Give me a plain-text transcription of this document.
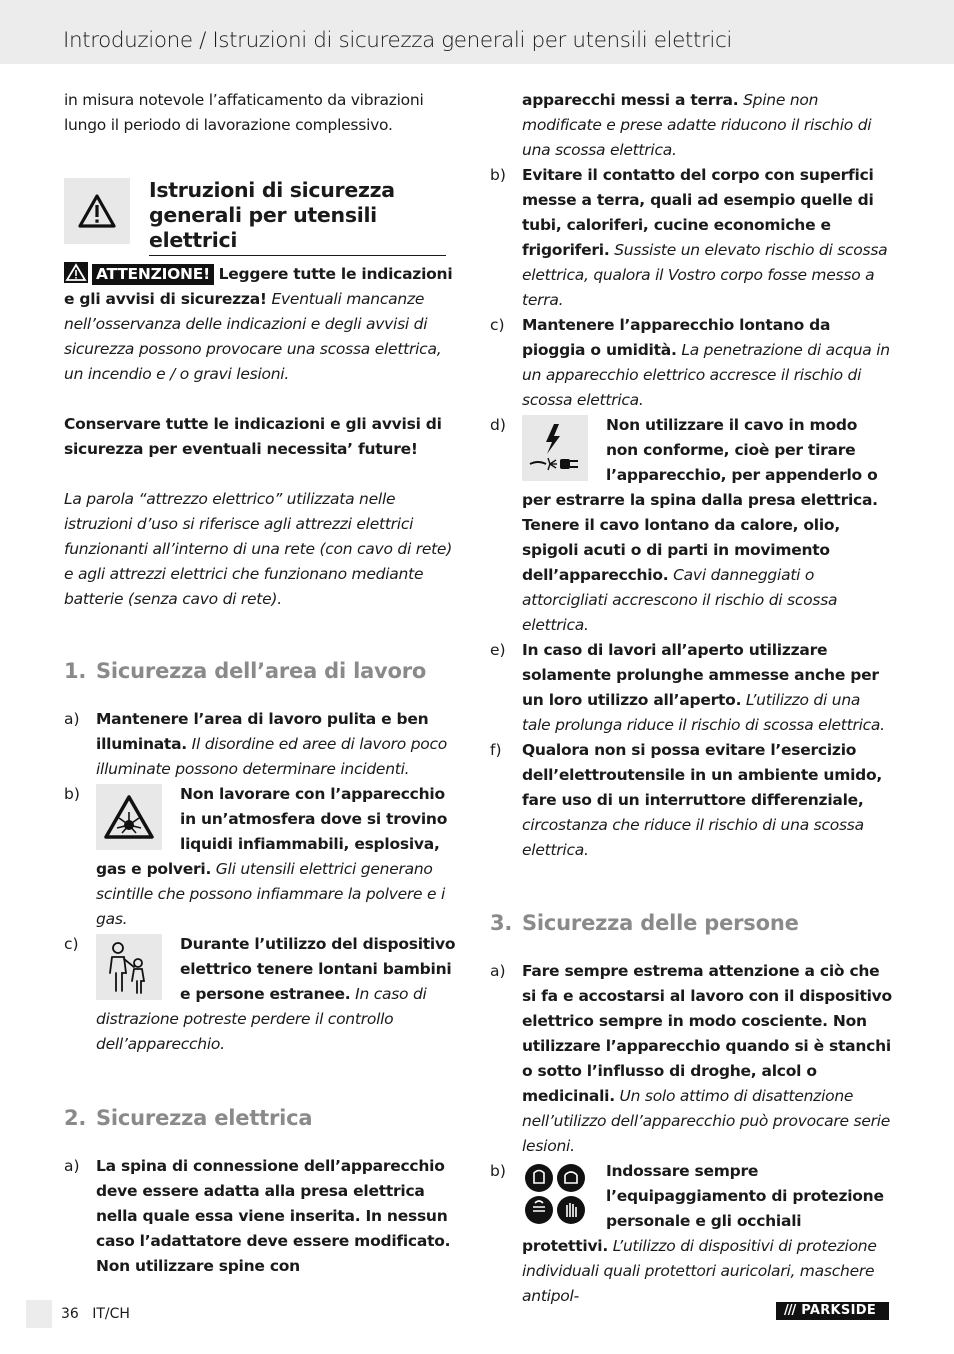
Introduzione / Istruzioni di sicurezza generali per utensili elettrici

in misura notevole l’affaticamento da vibrazioni lungo il periodo di lavorazione complessivo.

Istruzioni di sicurezza generali per utensili elettrici

ATTENZIONE! Leggere tutte le indicazioni e gli avvisi di sicurezza! Eventuali mancanze nell’osservanza delle indicazioni e degli avvisi di sicurezza possono provocare una scossa elettrica, un incendio e / o gravi lesioni.

Conservare tutte le indicazioni e gli avvisi di sicurezza per eventuali necessita’ future!

La parola “attrezzo elettrico” utilizzata nelle istruzioni d’uso si riferisce agli attrezzi elettrici funzionanti all’interno di una rete (con cavo di rete) e agli attrezzi elettrici che funzionano mediante batterie (senza cavo di rete).

1. Sicurezza dell’area di lavoro
a) Mantenere l’area di lavoro pulita e ben illuminata. Il disordine ed aree di lavoro poco illuminate possono determinare incidenti.

b)	Non lavorare con l’apparecchio in un’atmosfera dove si trovino liquidi infiammabili, esplosiva, gas e polveri. Gli utensili elettrici generano scintille che possono infiammare la polvere e i gas.

c)	Durante l’utilizzo del dispositivo elettrico tenere lontani bambini e persone estranee. In caso di distrazione potreste perdere il controllo dell’apparecchio.

2. Sicurezza elettrica
a) La spina di connessione dell’apparecchio deve essere adatta alla presa elettrica nella quale essa viene inserita. In nessun caso l’adattatore deve essere modificato. Non utilizzare spine con

apparecchi messi a terra. Spine non modificate e prese adatte riducono il rischio di una scossa elettrica.

b) Evitare il contatto del corpo con superfici messe a terra, quali ad esempio quelle di tubi, caloriferi, cucine economiche e frigoriferi. Sussiste un elevato rischio di scossa elettrica, qualora il Vostro corpo fosse messo a terra.

c) Mantenere l’apparecchio lontano da pioggia o umidità. La penetrazione di acqua in un apparecchio elettrico accresce il rischio di scossa elettrica.

d)	Non utilizzare il cavo in modo non conforme, cioè per tirare l’apparecchio, per appenderlo o per estrarre la spina dalla presa elettrica. Tenere il cavo lontano da calore, olio, spigoli acuti o di parti in movimento dell’apparecchio. Cavi danneggiati o attorcigliati accrescono il rischio di scossa elettrica.

e) In caso di lavori all’aperto utilizzare solamente prolunghe ammesse anche per un loro utilizzo all’aperto. L’utilizzo di una tale prolunga riduce il rischio di scossa elettrica.

f) Qualora non si possa evitare l’esercizio dell’elettroutensile in un ambiente umido, fare uso di un interruttore differenziale, circostanza che riduce il rischio di una scossa elettrica.

3. Sicurezza delle persone
a) Fare sempre estrema attenzione a ciò che si fa e accostarsi al lavoro con il dispositivo elettrico sempre in modo cosciente. Non utilizzare l’apparecchio quando si è stanchi o sotto l’influsso di droghe, alcol o medicinali. Un solo attimo di disattenzione nell’utilizzo dell’apparecchio può provocare serie lesioni.

b)	Indossare sempre l’equipaggiamento di protezione personale e gli occhiali protettivi. L’utilizzo di dispositivi di protezione individuali quali protettori auricolari, maschere antipol-

36 IT/CH	/// PARKSIDE
